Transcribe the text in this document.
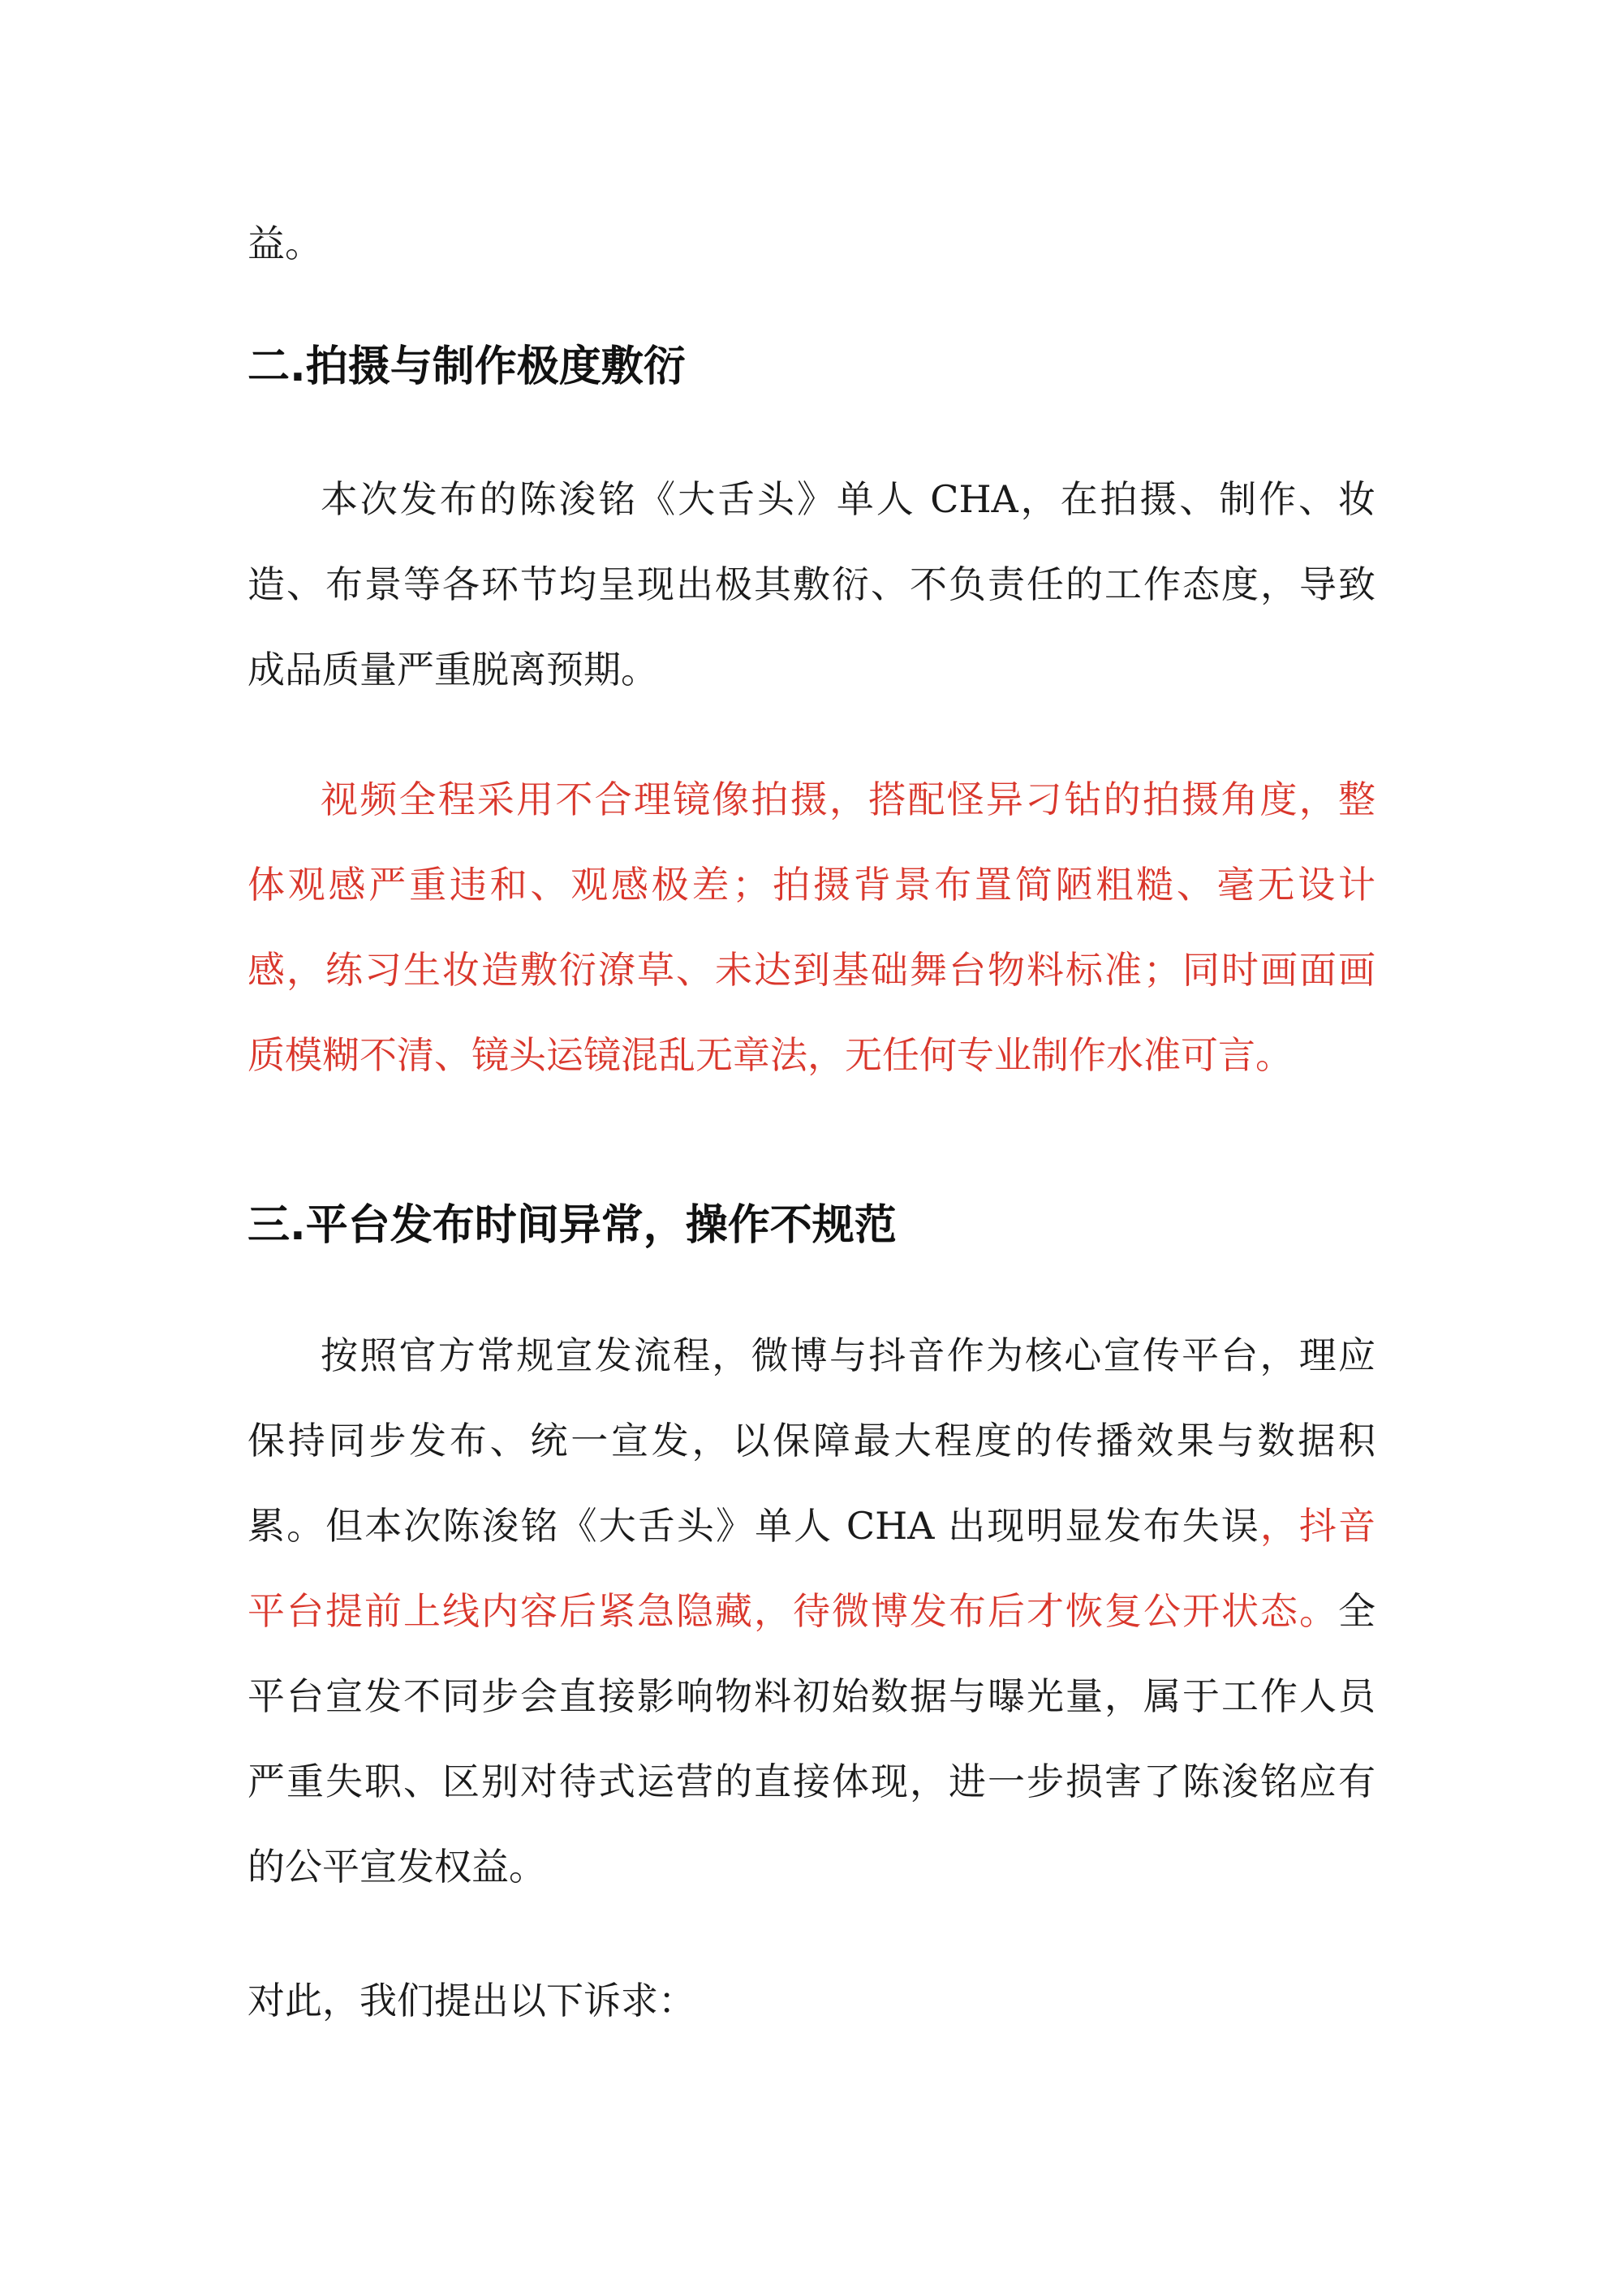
益。

二.拍摄与制作极度敷衍

本次发布的陈浚铭《大舌头》单人 CHA，在拍摄、制作、妆

造、布景等各环节均呈现出极其敷衍、不负责任的工作态度，导致

成品质量严重脱离预期。

视频全程采用不合理镜像拍摄，搭配怪异刁钻的拍摄角度，整

体观感严重违和、观感极差；拍摄背景布置简陋粗糙、毫无设计

感，练习生妆造敷衍潦草、未达到基础舞台物料标准；同时画面画

质模糊不清、镜头运镜混乱无章法，无任何专业制作水准可言。

三.平台发布时间异常，操作不规范

按照官方常规宣发流程，微博与抖音作为核心宣传平台，理应

保持同步发布、统一宣发，以保障最大程度的传播效果与数据积

累。但本次陈浚铭《大舌头》单人 CHA 出现明显发布失误，抖音

平台提前上线内容后紧急隐藏，待微博发布后才恢复公开状态。全

平台宣发不同步会直接影响物料初始数据与曝光量，属于工作人员

严重失职、区别对待式运营的直接体现，进一步损害了陈浚铭应有

的公平宣发权益。

对此，我们提出以下诉求：
